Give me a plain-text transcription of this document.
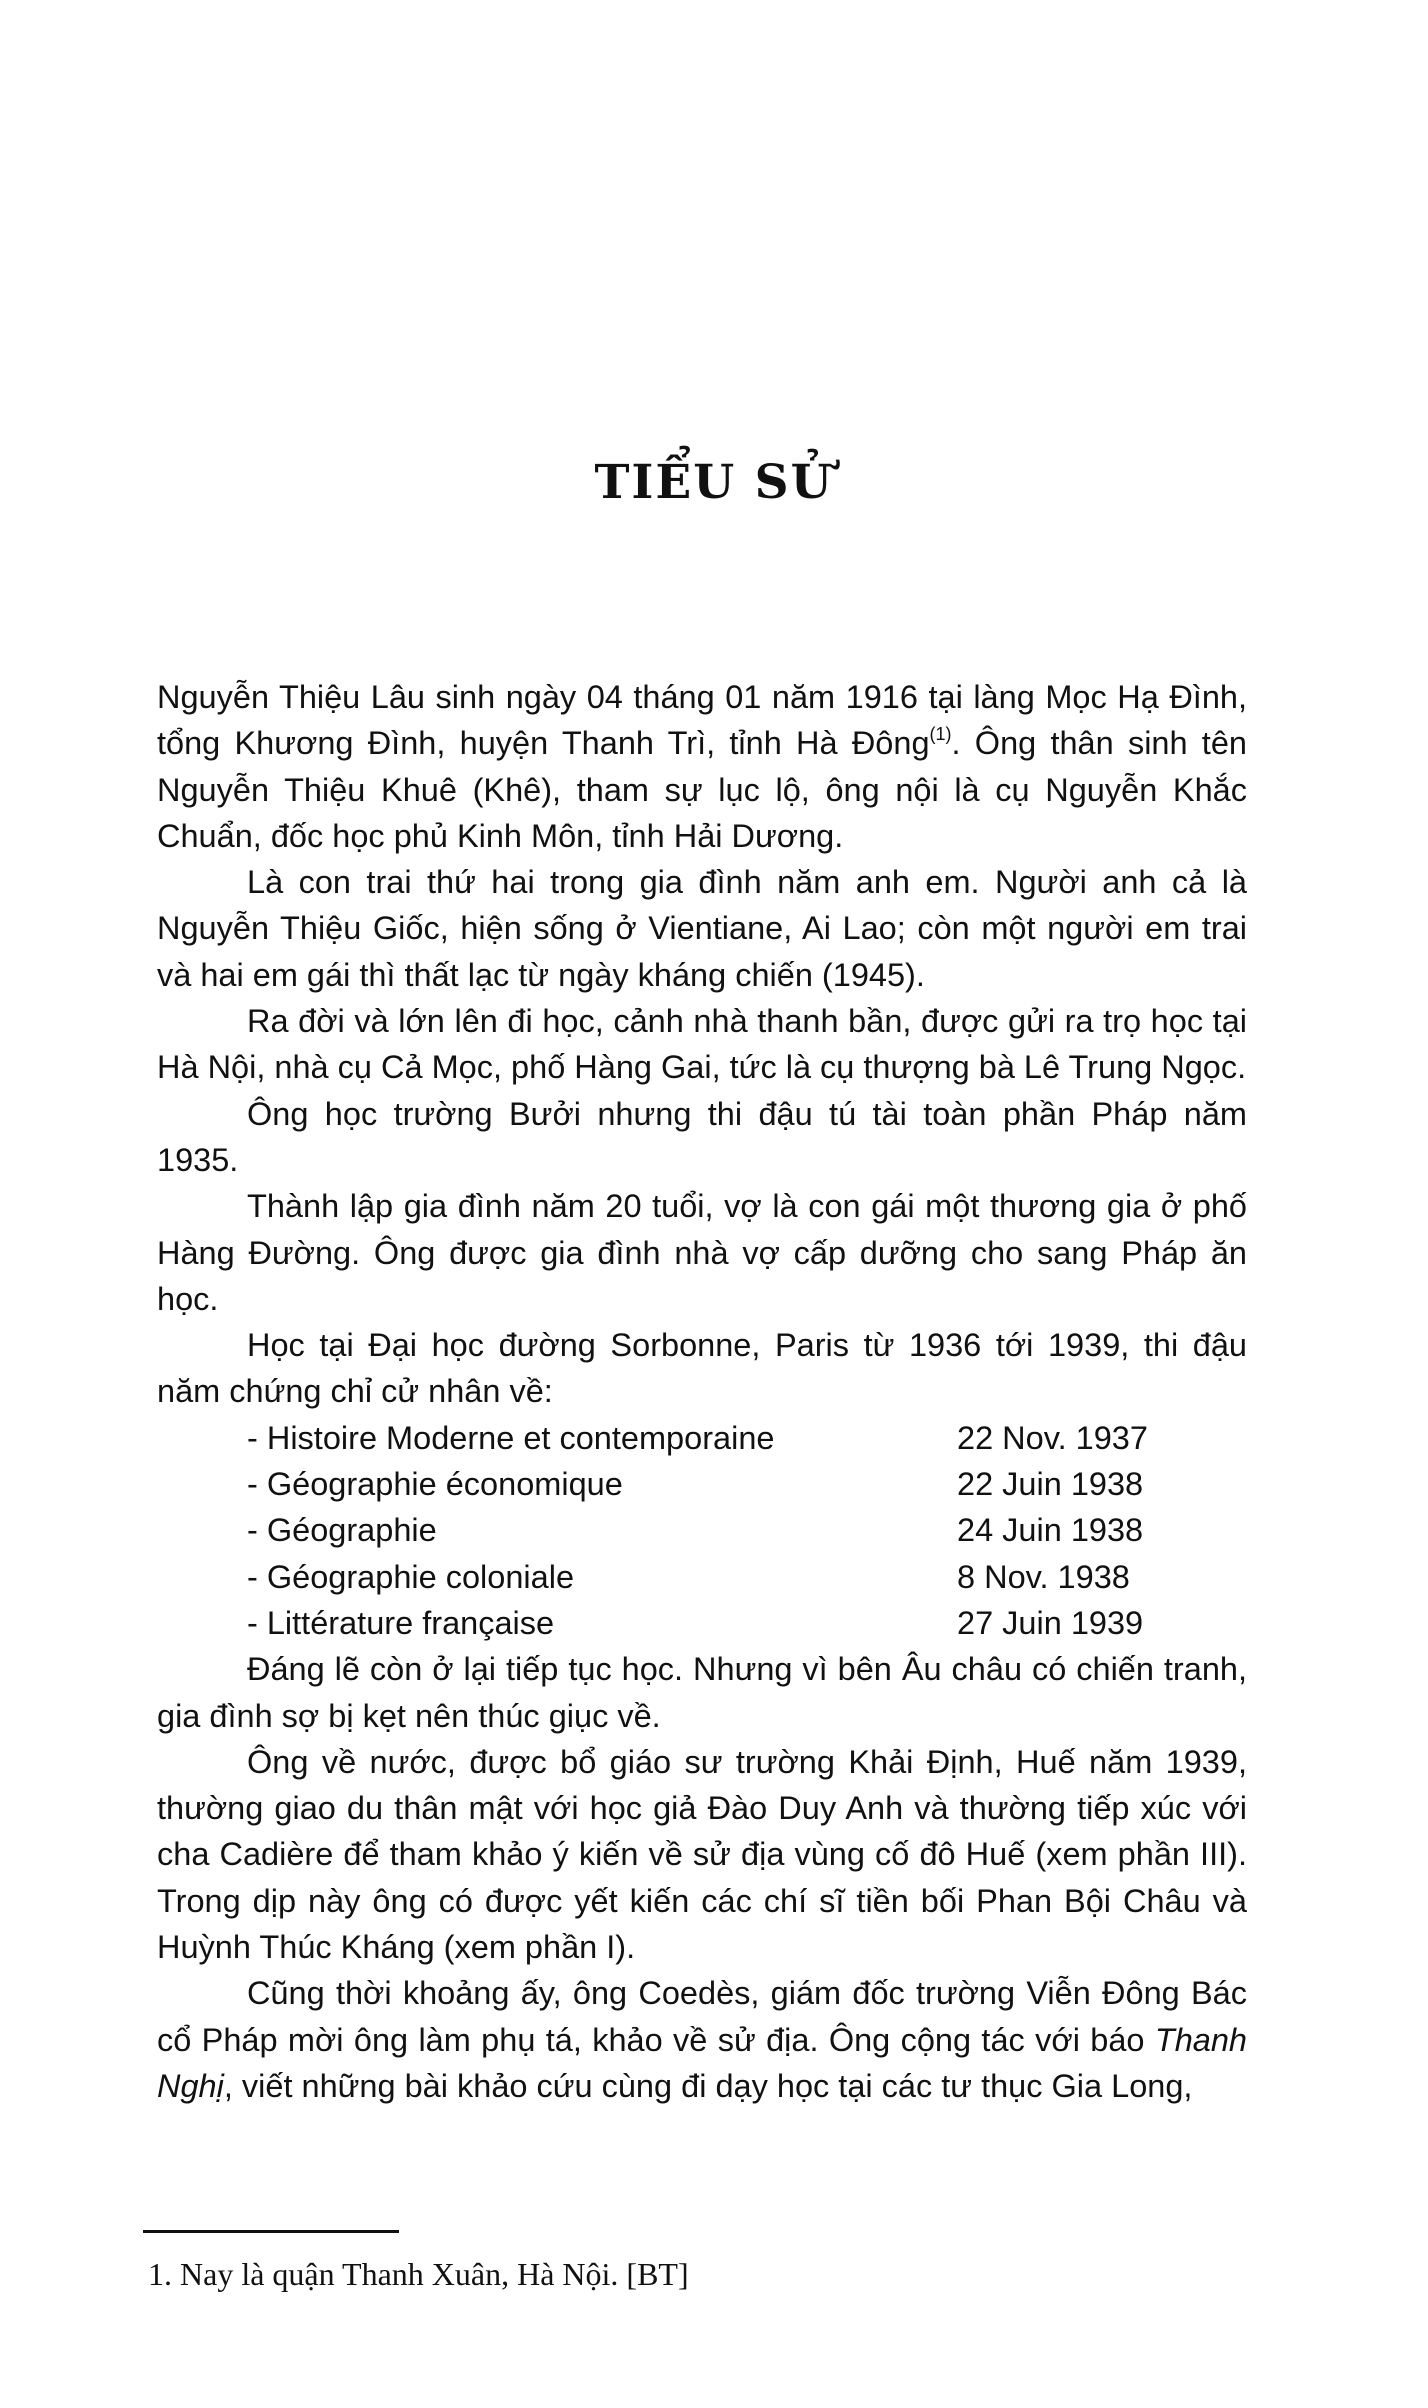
TIỂU SỬ

Nguyễn Thiệu Lâu sinh ngày 04 tháng 01 năm 1916 tại làng Mọc Hạ Đình, tổng Khương Đình, huyện Thanh Trì, tỉnh Hà Đông$^{(1)}$. Ông thân sinh tên Nguyễn Thiệu Khuê (Khê), tham sự lục lộ, ông nội là cụ Nguyễn Khắc Chuẩn, đốc học phủ Kinh Môn, tỉnh Hải Dương.

Là con trai thứ hai trong gia đình năm anh em. Người anh cả là Nguyễn Thiệu Giốc, hiện sống ở Vientiane, Ai Lao; còn một người em trai và hai em gái thì thất lạc từ ngày kháng chiến (1945).

Ra đời và lớn lên đi học, cảnh nhà thanh bần, được gửi ra trọ học tại Hà Nội, nhà cụ Cả Mọc, phố Hàng Gai, tức là cụ thượng bà Lê Trung Ngọc.

Ông học trường Bưởi nhưng thi đậu tú tài toàn phần Pháp năm 1935.

Thành lập gia đình năm 20 tuổi, vợ là con gái một thương gia ở phố Hàng Đường. Ông được gia đình nhà vợ cấp dưỡng cho sang Pháp ăn học.

Học tại Đại học đường Sorbonne, Paris từ 1936 tới 1939, thi đậu năm chứng chỉ cử nhân về:

- Histoire Moderne et contemporaine	22 Nov. 1937
- Géographie économique	22 Juin 1938
- Géographie	24 Juin 1938
- Géographie coloniale	8 Nov. 1938
- Littérature française	27 Juin 1939

Đáng lẽ còn ở lại tiếp tục học. Nhưng vì bên Âu châu có chiến tranh, gia đình sợ bị kẹt nên thúc giục về.

Ông về nước, được bổ giáo sư trường Khải Định, Huế năm 1939, thường giao du thân mật với học giả Đào Duy Anh và thường tiếp xúc với cha Cadière để tham khảo ý kiến về sử địa vùng cố đô Huế (xem phần III). Trong dịp này ông có được yết kiến các chí sĩ tiền bối Phan Bội Châu và Huỳnh Thúc Kháng (xem phần I).

Cũng thời khoảng ấy, ông Coedès, giám đốc trường Viễn Đông Bác cổ Pháp mời ông làm phụ tá, khảo về sử địa. Ông cộng tác với báo Thanh Nghị, viết những bài khảo cứu cùng đi dạy học tại các tư thục Gia Long,

1. Nay là quận Thanh Xuân, Hà Nội. [BT]
